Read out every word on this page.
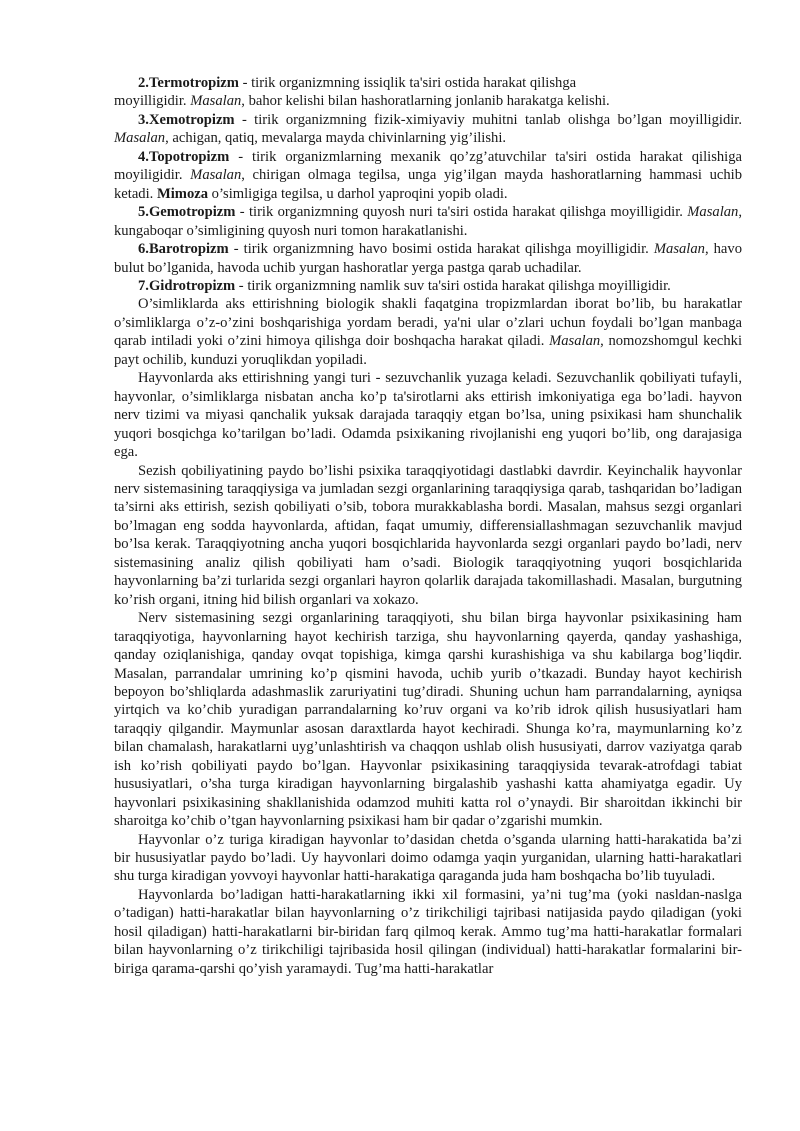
2.Termotropizm - tirik organizmning issiqlik ta'siri ostida harakat qilishga
moyilligidir. Masalan, bahor kelishi bilan hashoratlarning jonlanib harakatga kelishi.

3.Xemotropizm - tirik organizmning fizik-ximiyaviy muhitni tanlab olishga bo’lgan moyilligidir. Masalan, achigan, qatiq, mevalarga mayda chivinlarning yig’ilishi.

4.Topotropizm - tirik organizmlarning mexanik qo’zg’atuvchilar ta'siri ostida harakat qilishiga moyiligidir. Masalan, chirigan olmaga tegilsa, unga yig’ilgan mayda hashoratlarning hammasi uchib ketadi. Mimoza o’simligiga tegilsa, u darhol yaproqini yopib oladi.

5.Gemotropizm - tirik organizmning quyosh nuri ta'siri ostida harakat qilishga moyilligidir. Masalan, kungaboqar o’simligining quyosh nuri tomon harakatlanishi.

6.Barotropizm - tirik organizmning havo bosimi ostida harakat qilishga moyilligidir. Masalan, havo bulut bo’lganida, havoda uchib yurgan hashoratlar yerga pastga qarab uchadilar.

7.Gidrotropizm - tirik organizmning namlik suv ta'siri ostida harakat qilishga moyilligidir.

O’simliklarda aks ettirishning biologik shakli faqatgina tropizmlardan iborat bo’lib, bu harakatlar o’simliklarga o’z-o’zini boshqarishiga yordam beradi, ya'ni ular o’zlari uchun foydali bo’lgan manbaga qarab intiladi yoki o’zini himoya qilishga doir boshqacha harakat qiladi. Masalan, nomozshomgul kechki payt ochilib, kunduzi yoruqlikdan yopiladi.

Hayvonlarda aks ettirishning yangi turi - sezuvchanlik yuzaga keladi. Sezuvchanlik qobiliyati tufayli, hayvonlar, o’simliklarga nisbatan ancha ko’p ta'sirotlarni aks ettirish imkoniyatiga ega bo’ladi. hayvon nerv tizimi va miyasi qanchalik yuksak darajada taraqqiy etgan bo’lsa, uning psixikasi ham shunchalik yuqori bosqichga ko’tarilgan bo’ladi. Odamda psixikaning rivojlanishi eng yuqori bo’lib, ong darajasiga ega.

Sezish qobiliyatining paydo bo’lishi psixika taraqqiyotidagi dastlabki davrdir. Keyinchalik hayvonlar nerv sistemasining taraqqiysiga va jumladan sezgi organlarining taraqqiysiga qarab, tashqaridan bo’ladigan ta’sirni aks ettirish, sezish qobiliyati o’sib, tobora murakkablasha bordi. Masalan, mahsus sezgi organlari bo’lmagan eng sodda hayvonlarda, aftidan, faqat umumiy, differensiallashmagan sezuvchanlik mavjud bo’lsa kerak. Taraqqiyotning ancha yuqori bosqichlarida hayvonlarda sezgi organlari paydo bo’ladi, nerv sistemasining analiz qilish qobiliyati ham o’sadi. Biologik taraqqiyotning yuqori bosqichlarida hayvonlarning ba’zi turlarida sezgi organlari hayron qolarlik darajada takomillashadi. Masalan, burgutning ko’rish organi, itning hid bilish organlari va xokazo.

Nerv sistemasining sezgi organlarining taraqqiyoti, shu bilan birga hayvonlar psixikasining ham taraqqiyotiga, hayvonlarning hayot kechirish tarziga, shu hayvonlarning qayerda, qanday yashashiga, qanday oziqlanishiga, qanday ovqat topishiga, kimga qarshi kurashishiga va shu kabilarga bog’liqdir. Masalan, parrandalar umrining ko’p qismini havoda, uchib yurib o’tkazadi. Bunday hayot kechirish bepoyon bo’shliqlarda adashmaslik zaruriyatini tug’diradi. Shuning uchun ham parrandalarning, ayniqsa yirtqich va ko’chib yuradigan parrandalarning ko’ruv organi va ko’rib idrok qilish hususiyatlari ham taraqqiy qilgandir. Maymunlar asosan daraxtlarda hayot kechiradi. Shunga ko’ra, maymunlarning ko’z bilan chamalash, harakatlarni uyg’unlashtirish va chaqqon ushlab olish hususiyati, darrov vaziyatga qarab ish ko’rish qobiliyati paydo bo’lgan. Hayvonlar psixikasining taraqqiysida tevarak-atrofdagi tabiat hususiyatlari, o’sha turga kiradigan hayvonlarning birgalashib yashashi katta ahamiyatga egadir. Uy hayvonlari psixikasining shakllanishida odamzod muhiti katta rol o’ynaydi. Bir sharoitdan ikkinchi bir sharoitga ko’chib o’tgan hayvonlarning psixikasi ham bir qadar o’zgarishi mumkin.

Hayvonlar o’z turiga kiradigan hayvonlar to’dasidan chetda o’sganda ularning hatti-harakatida ba’zi bir hususiyatlar paydo bo’ladi. Uy hayvonlari doimo odamga yaqin yurganidan, ularning hatti-harakatlari shu turga kiradigan yovvoyi hayvonlar hatti-harakatiga qaraganda juda ham boshqacha bo’lib tuyuladi.

Hayvonlarda bo’ladigan hatti-harakatlarning ikki xil formasini, ya’ni tug’ma (yoki nasldan-naslga o’tadigan) hatti-harakatlar bilan hayvonlarning o’z tirikchiligi tajribasi natijasida paydo qiladigan (yoki hosil qiladigan) hatti-harakatlarni bir-biridan farq qilmoq kerak. Ammo tug’ma hatti-harakatlar formalari bilan hayvonlarning o’z tirikchiligi tajribasida hosil qilingan (individual) hatti-harakatlar formalarini bir-biriga qarama-qarshi qo’yish yaramaydi. Tug’ma hatti-harakatlar
